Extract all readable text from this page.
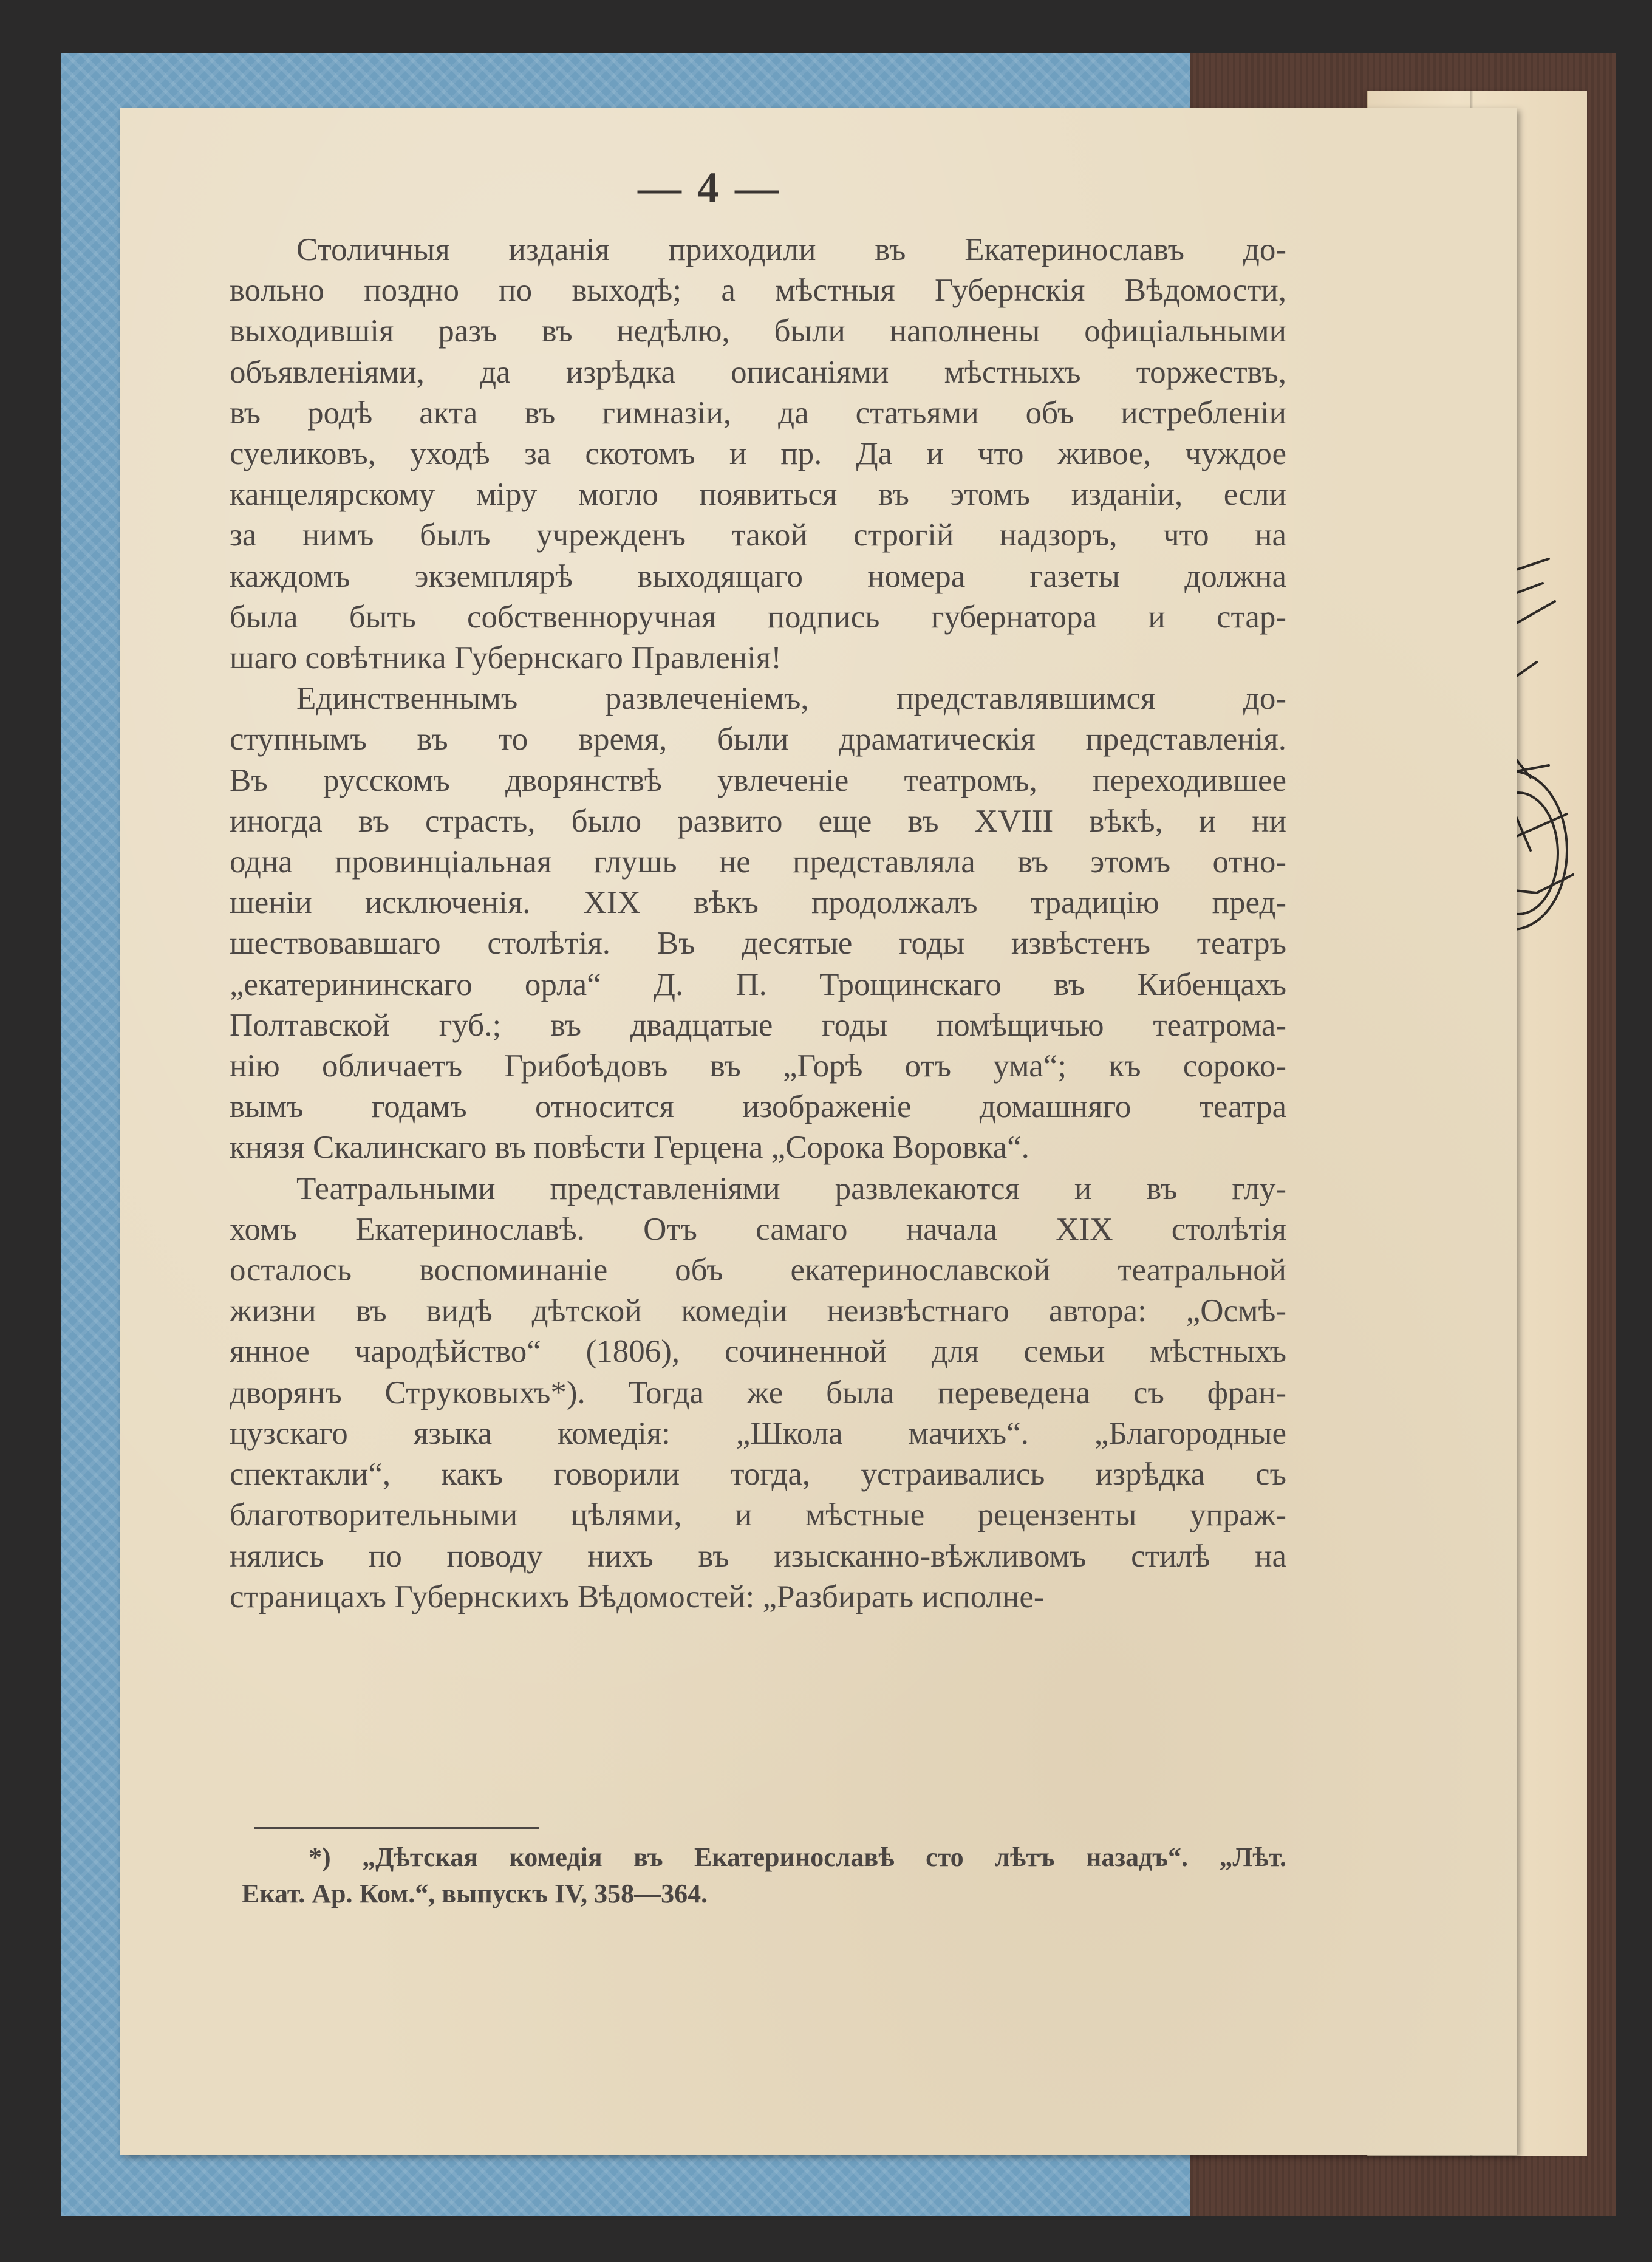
— 4 —
Столичныя изданія приходили въ Екатеринославъ до-
вольно поздно по выходѣ; а мѣстныя Губернскія Вѣдомости,
выходившія разъ въ недѣлю, были наполнены офиціальными
объявленіями, да изрѣдка описаніями мѣстныхъ торжествъ,
въ родѣ акта въ гимназіи, да статьями объ истребленіи
суеликовъ, уходѣ за скотомъ и пр. Да и что живое, чуждое
канцелярскому міру могло появиться въ этомъ изданіи, если
за нимъ былъ учрежденъ такой строгій надзоръ, что на
каждомъ экземплярѣ выходящаго номера газеты должна
была быть собственноручная подпись губернатора и стар-
шаго совѣтника Губернскаго Правленія!
Единственнымъ развлеченіемъ, представлявшимся до-
ступнымъ въ то время, были драматическія представленія.
Въ русскомъ дворянствѣ увлеченіе театромъ, переходившее
иногда въ страсть, было развито еще въ XVIII вѣкѣ, и ни
одна провинціальная глушь не представляла въ этомъ отно-
шеніи исключенія. XIX вѣкъ продолжалъ традицію пред-
шествовавшаго столѣтія. Въ десятые годы извѣстенъ театръ
„екатерининскаго орла“ Д. П. Трощинскаго въ Кибенцахъ
Полтавской губ.; въ двадцатые годы помѣщичью театрома-
нію обличаетъ Грибоѣдовъ въ „Горѣ отъ ума“; къ сороко-
вымъ годамъ относится изображеніе домашняго театра
князя Скалинскаго въ повѣсти Герцена „Сорока Воровка“.
Театральными представленіями развлекаются и въ глу-
хомъ Екатеринославѣ. Отъ самаго начала XIX столѣтія
осталось воспоминаніе объ екатеринославской театральной
жизни въ видѣ дѣтской комедіи неизвѣстнаго автора: „Осмѣ-
янное чародѣйство“ (1806), сочиненной для семьи мѣстныхъ
дворянъ Струковыхъ*). Тогда же была переведена съ фран-
цузскаго языка комедія: „Школа мачихъ“. „Благородные
спектакли“, какъ говорили тогда, устраивались изрѣдка съ
благотворительными цѣлями, и мѣстные рецензенты упраж-
нялись по поводу нихъ въ изысканно-вѣжливомъ стилѣ на
страницахъ Губернскихъ Вѣдомостей: „Разбирать исполне-
*) „Дѣтская комедія въ Екатеринославѣ сто лѣтъ назадъ“. „Лѣт.
Екат. Ар. Ком.“, выпускъ IV, 358—364.
